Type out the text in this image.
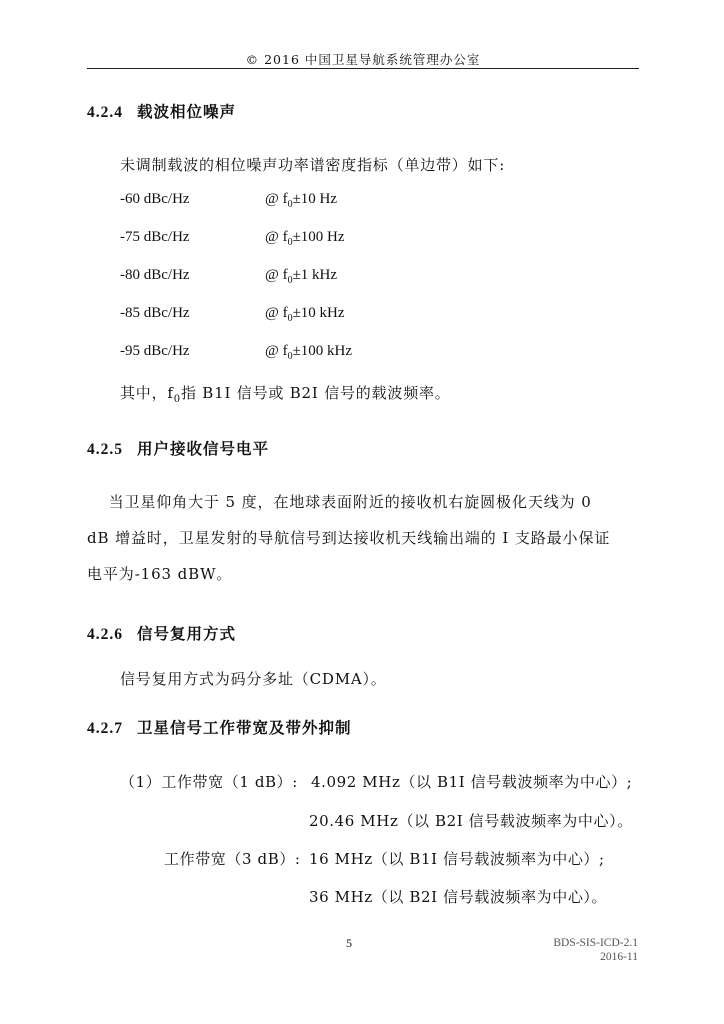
© 2016 中国卫星导航系统管理办公室
4.2.4 载波相位噪声
未调制载波的相位噪声功率谱密度指标（单边带）如下:
-60 dBc/Hz	@ $f_0\pm 10$ Hz
-75 dBc/Hz	@ $f_0\pm 100$ Hz
-80 dBc/Hz	@ $f_0\pm 1$ kHz
-85 dBc/Hz	@ $f_0\pm 10$ kHz
-95 dBc/Hz	@ $f_0\pm 100$ kHz
其中，$f_0$指 B1I 信号或 B2I 信号的载波频率。
4.2.5 用户接收信号电平
　 当卫星仰角大于 5 度，在地球表面附近的接收机右旋圆极化天线为 0
dB 增益时，卫星发射的导航信号到达接收机天线输出端的 I 支路最小保证
电平为-163 dBW。
4.2.6 信号复用方式
信号复用方式为码分多址（CDMA）。
4.2.7 卫星信号工作带宽及带外抑制
（1）工作带宽（1 dB）: 4.092 MHz（以 B1I 信号载波频率为中心）;
20.46 MHz（以 B2I 信号载波频率为中心）。
工作带宽（3 dB）: 16 MHz（以 B1I 信号载波频率为中心）;
36 MHz（以 B2I 信号载波频率为中心）。
5	BDS-SIS-ICD-2.1
2016-11
